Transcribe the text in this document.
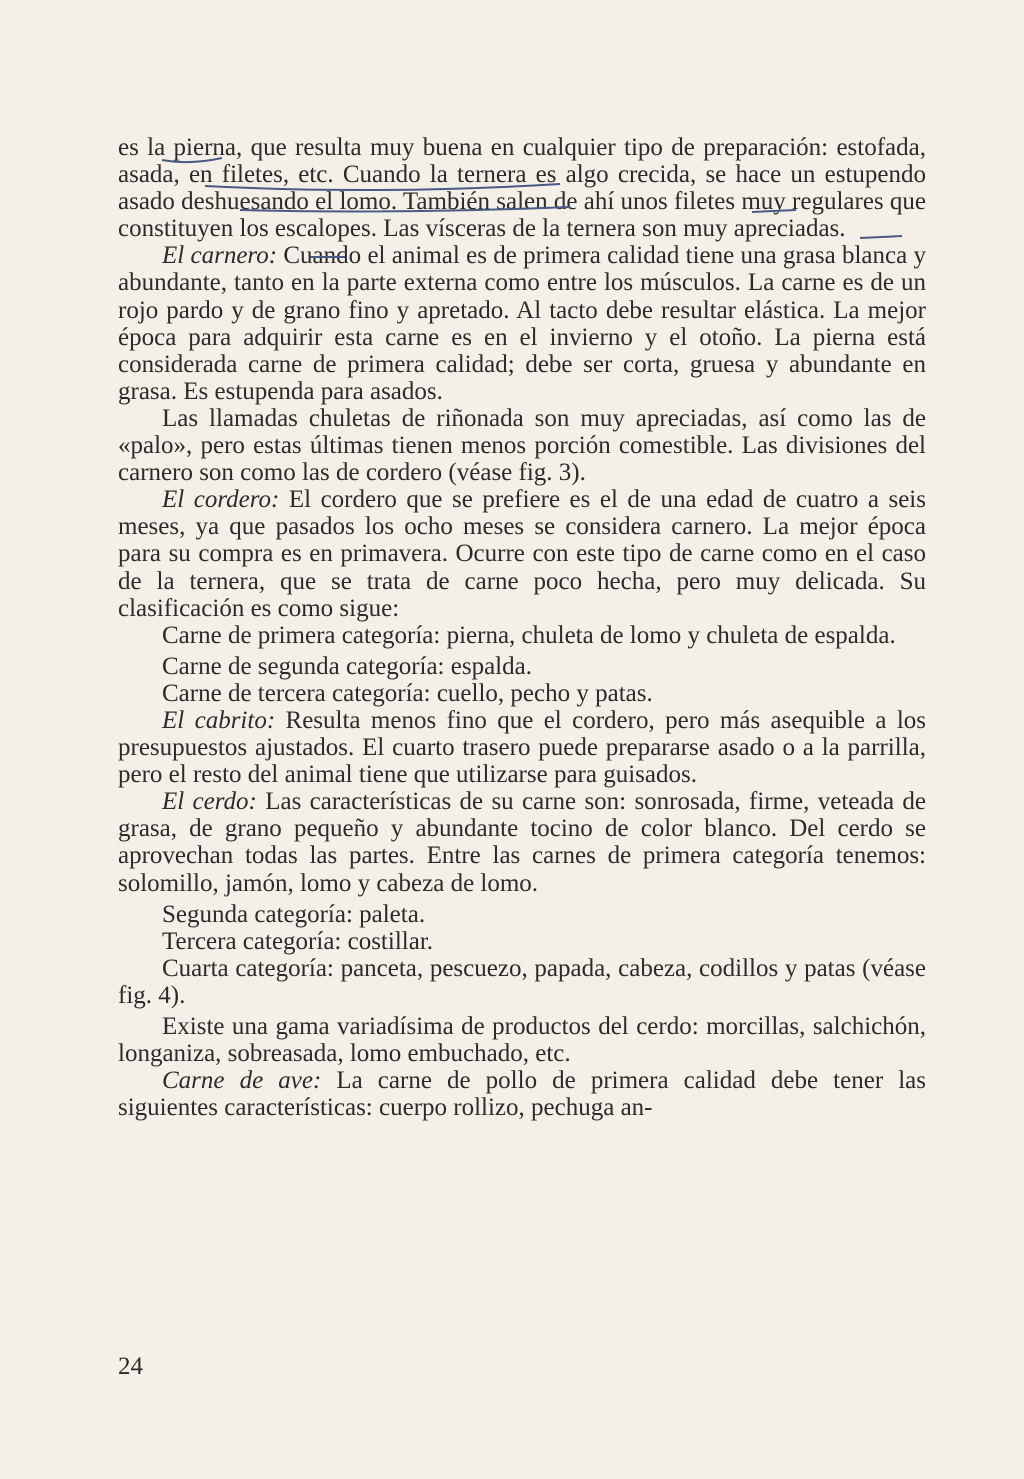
es la pierna, que resulta muy buena en cualquier tipo de preparación: estofada, asada, en filetes, etc. Cuando la ternera es algo crecida, se hace un estupendo asado deshuesando el lomo. También salen de ahí unos filetes muy regulares que constituyen los escalopes. Las vísceras de la ternera son muy apreciadas.

El carnero: Cuando el animal es de primera calidad tiene una grasa blanca y abundante, tanto en la parte externa como entre los músculos. La carne es de un rojo pardo y de grano fino y apretado. Al tacto debe resultar elástica. La mejor época para adquirir esta carne es en el invierno y el otoño. La pierna está considerada carne de primera calidad; debe ser corta, gruesa y abundante en grasa. Es estupenda para asados.

Las llamadas chuletas de riñonada son muy apreciadas, así como las de «palo», pero estas últimas tienen menos porción comestible. Las divisiones del carnero son como las de cordero (véase fig. 3).

El cordero: El cordero que se prefiere es el de una edad de cuatro a seis meses, ya que pasados los ocho meses se considera carnero. La mejor época para su compra es en primavera. Ocurre con este tipo de carne como en el caso de la ternera, que se trata de carne poco hecha, pero muy delicada. Su clasificación es como sigue:

Carne de primera categoría: pierna, chuleta de lomo y chuleta de espalda.

Carne de segunda categoría: espalda.

Carne de tercera categoría: cuello, pecho y patas.

El cabrito: Resulta menos fino que el cordero, pero más asequible a los presupuestos ajustados. El cuarto trasero puede prepararse asado o a la parrilla, pero el resto del animal tiene que utilizarse para guisados.

El cerdo: Las características de su carne son: sonrosada, firme, veteada de grasa, de grano pequeño y abundante tocino de color blanco. Del cerdo se aprovechan todas las partes. Entre las carnes de primera categoría tenemos: solomillo, jamón, lomo y cabeza de lomo.

Segunda categoría: paleta.

Tercera categoría: costillar.

Cuarta categoría: panceta, pescuezo, papada, cabeza, codillos y patas (véase fig. 4).

Existe una gama variadísima de productos del cerdo: morcillas, salchichón, longaniza, sobreasada, lomo embuchado, etc.

Carne de ave: La carne de pollo de primera calidad debe tener las siguientes características: cuerpo rollizo, pechuga an-

24
